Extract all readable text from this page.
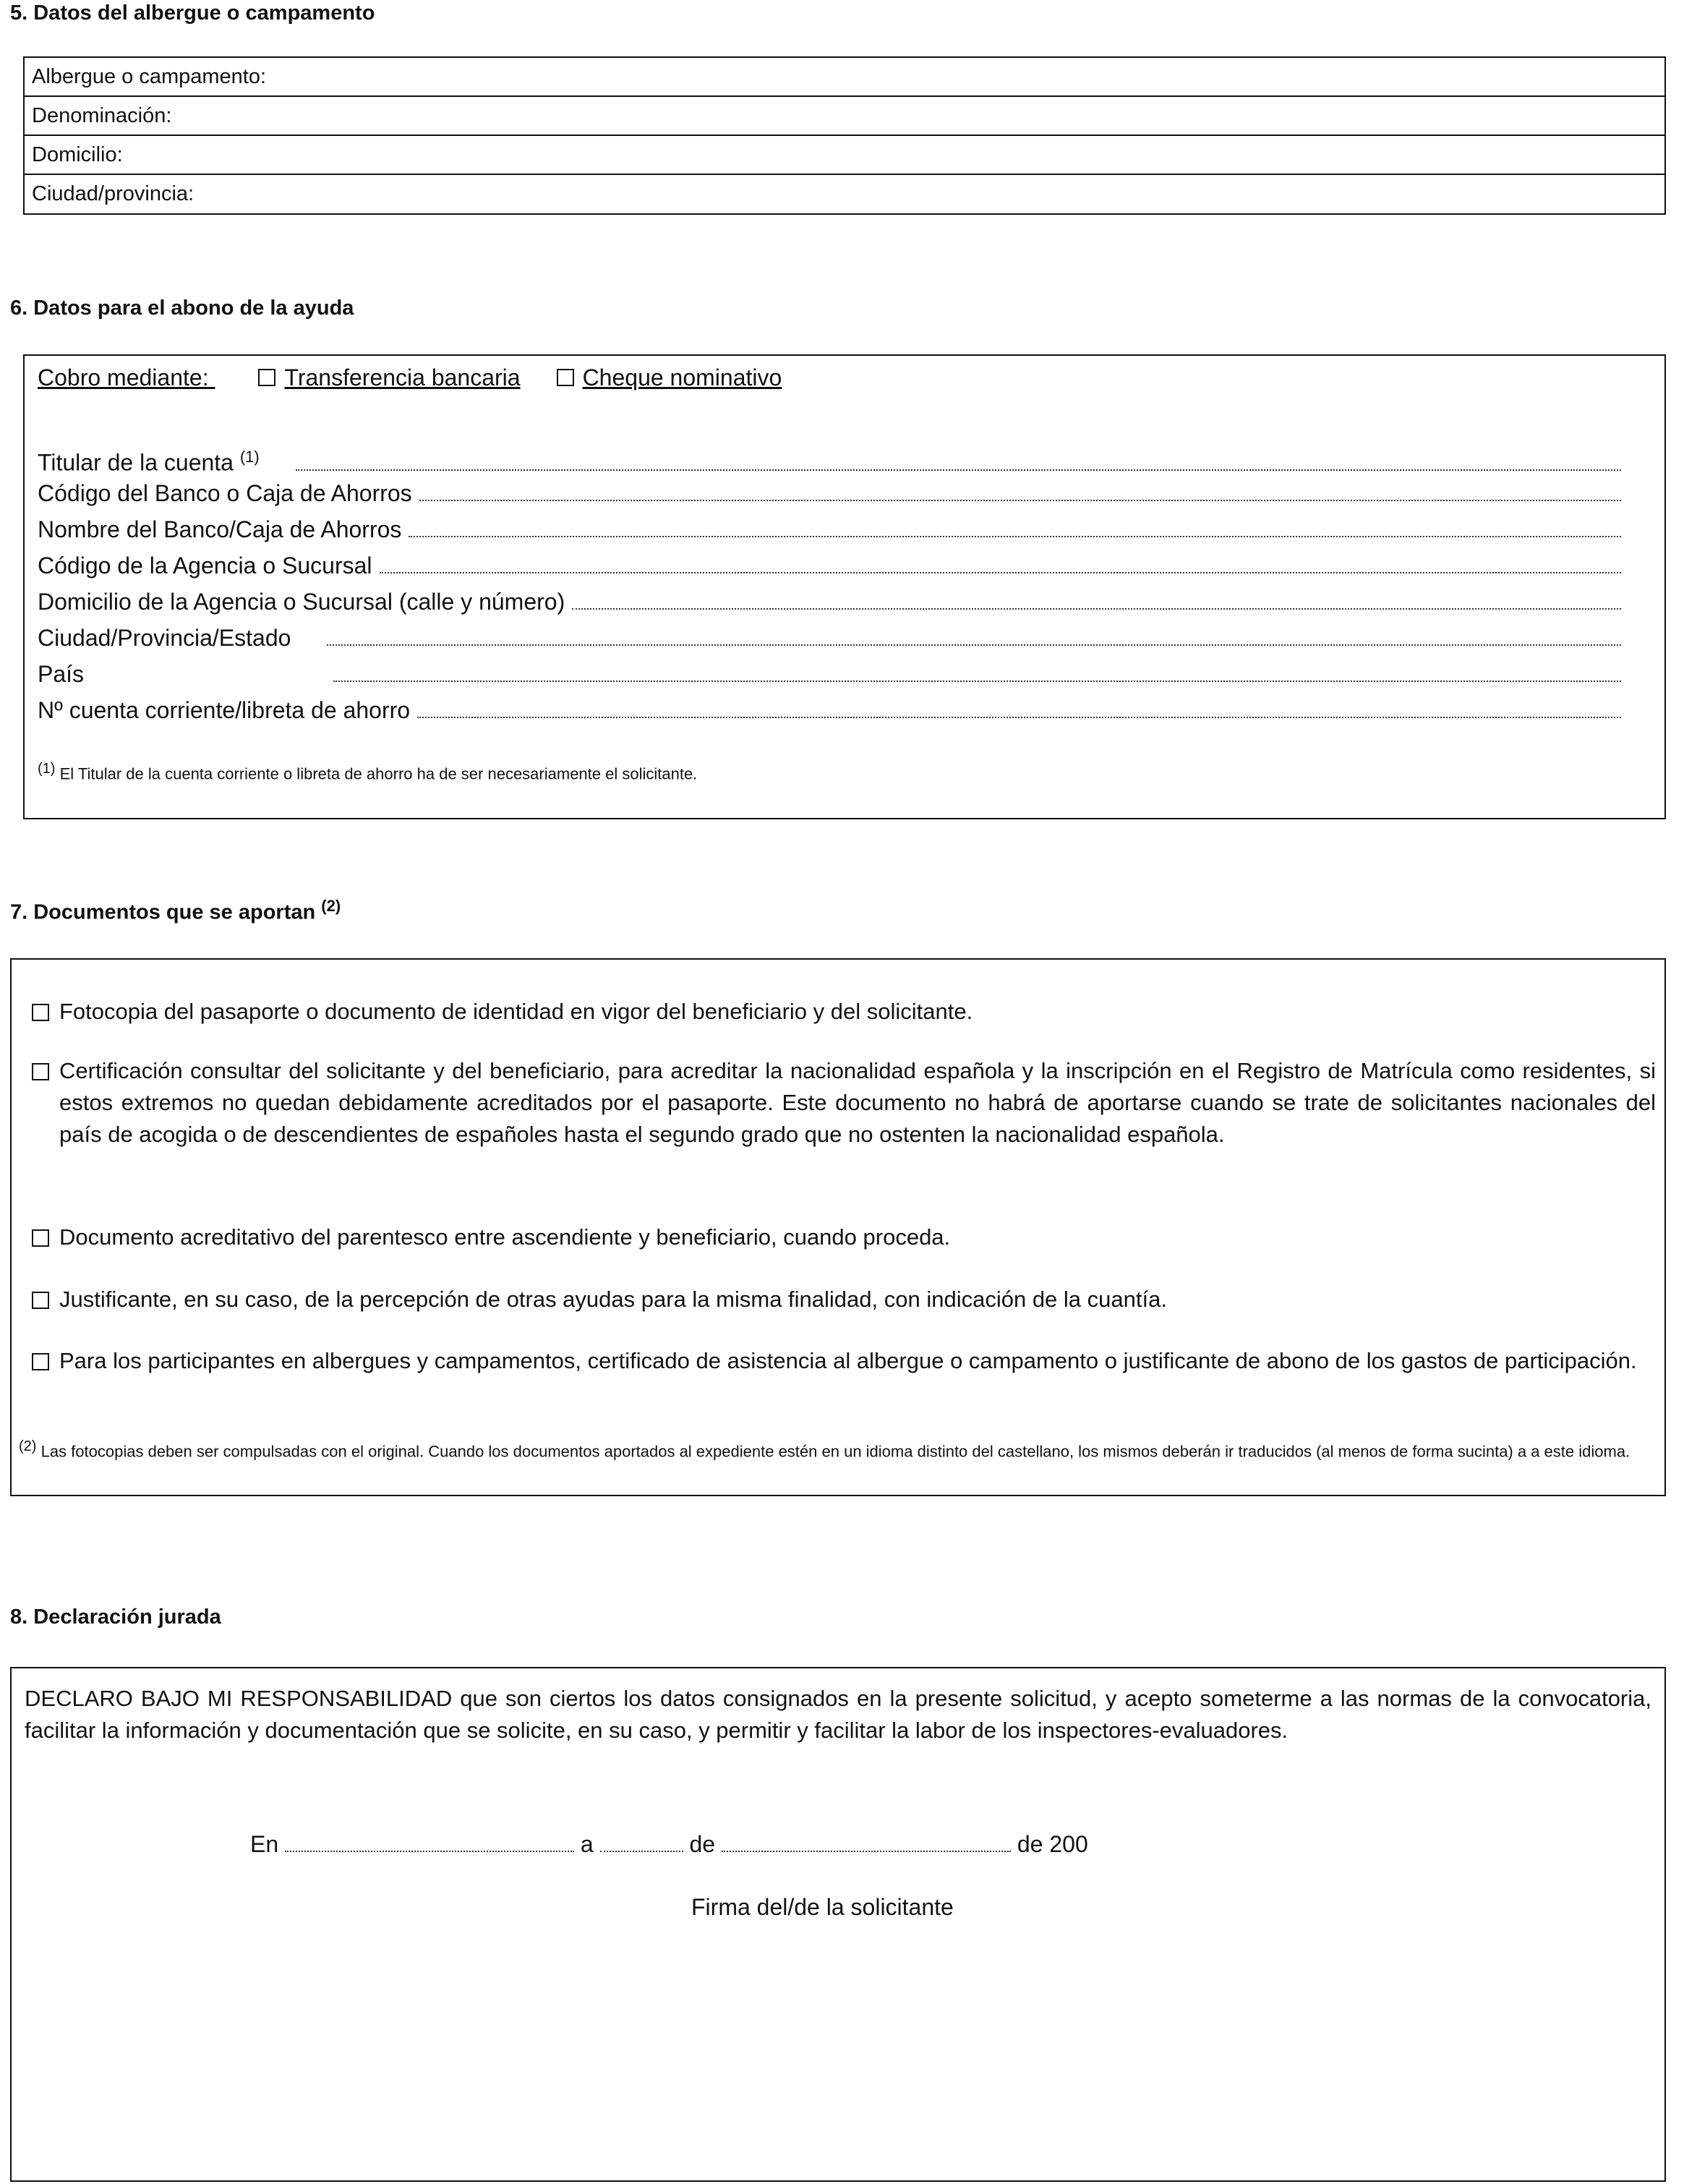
5. Datos del albergue o campamento
Albergue o campamento:
Denominación:
Domicilio:
Ciudad/provincia:
6. Datos para el abono de la ayuda
Cobro mediante:	Transferencia bancaria	Cheque nominativo
Titular de la cuenta $^{(1)}$
Código del Banco o Caja de Ahorros
Nombre del Banco/Caja de Ahorros
Código de la Agencia o Sucursal
Domicilio de la Agencia o Sucursal (calle y número)
Ciudad/Provincia/Estado
País
Nº cuenta corriente/libreta de ahorro
$^{(1)}$ El Titular de la cuenta corriente o libreta de ahorro ha de ser necesariamente el solicitante.
7. Documentos que se aportan $^{(2)}$
Fotocopia del pasaporte o documento de identidad en vigor del beneficiario y del solicitante.
Certificación consultar del solicitante y del beneficiario, para acreditar la nacionalidad española y la inscripción en el Registro de Matrícula como residentes, si estos extremos no quedan debidamente acreditados por el pasaporte. Este documento no habrá de aportarse cuando se trate de solicitantes nacionales del país de acogida o de descendientes de españoles hasta el segundo grado que no ostenten la nacionalidad española.
Documento acreditativo del parentesco entre ascendiente y beneficiario, cuando proceda.
Justificante, en su caso, de la percepción de otras ayudas para la misma finalidad, con indicación de la cuantía.
Para los participantes en albergues y campamentos, certificado de asistencia al albergue o campamento o justificante de abono de los gastos de participación.
$^{(2)}$ Las fotocopias deben ser compulsadas con el original. Cuando los documentos aportados al expediente estén en un idioma distinto del castellano, los mismos deberán ir traducidos (al menos de forma sucinta) a a este idioma.
8. Declaración jurada
DECLARO BAJO MI RESPONSABILIDAD que son ciertos los datos consignados en la presente solicitud, y acepto someterme a las normas de la convocatoria, facilitar la información y documentación que se solicite, en su caso, y permitir y facilitar la labor de los inspectores-evaluadores.
En	a	de	de 200
Firma del/de la solicitante
